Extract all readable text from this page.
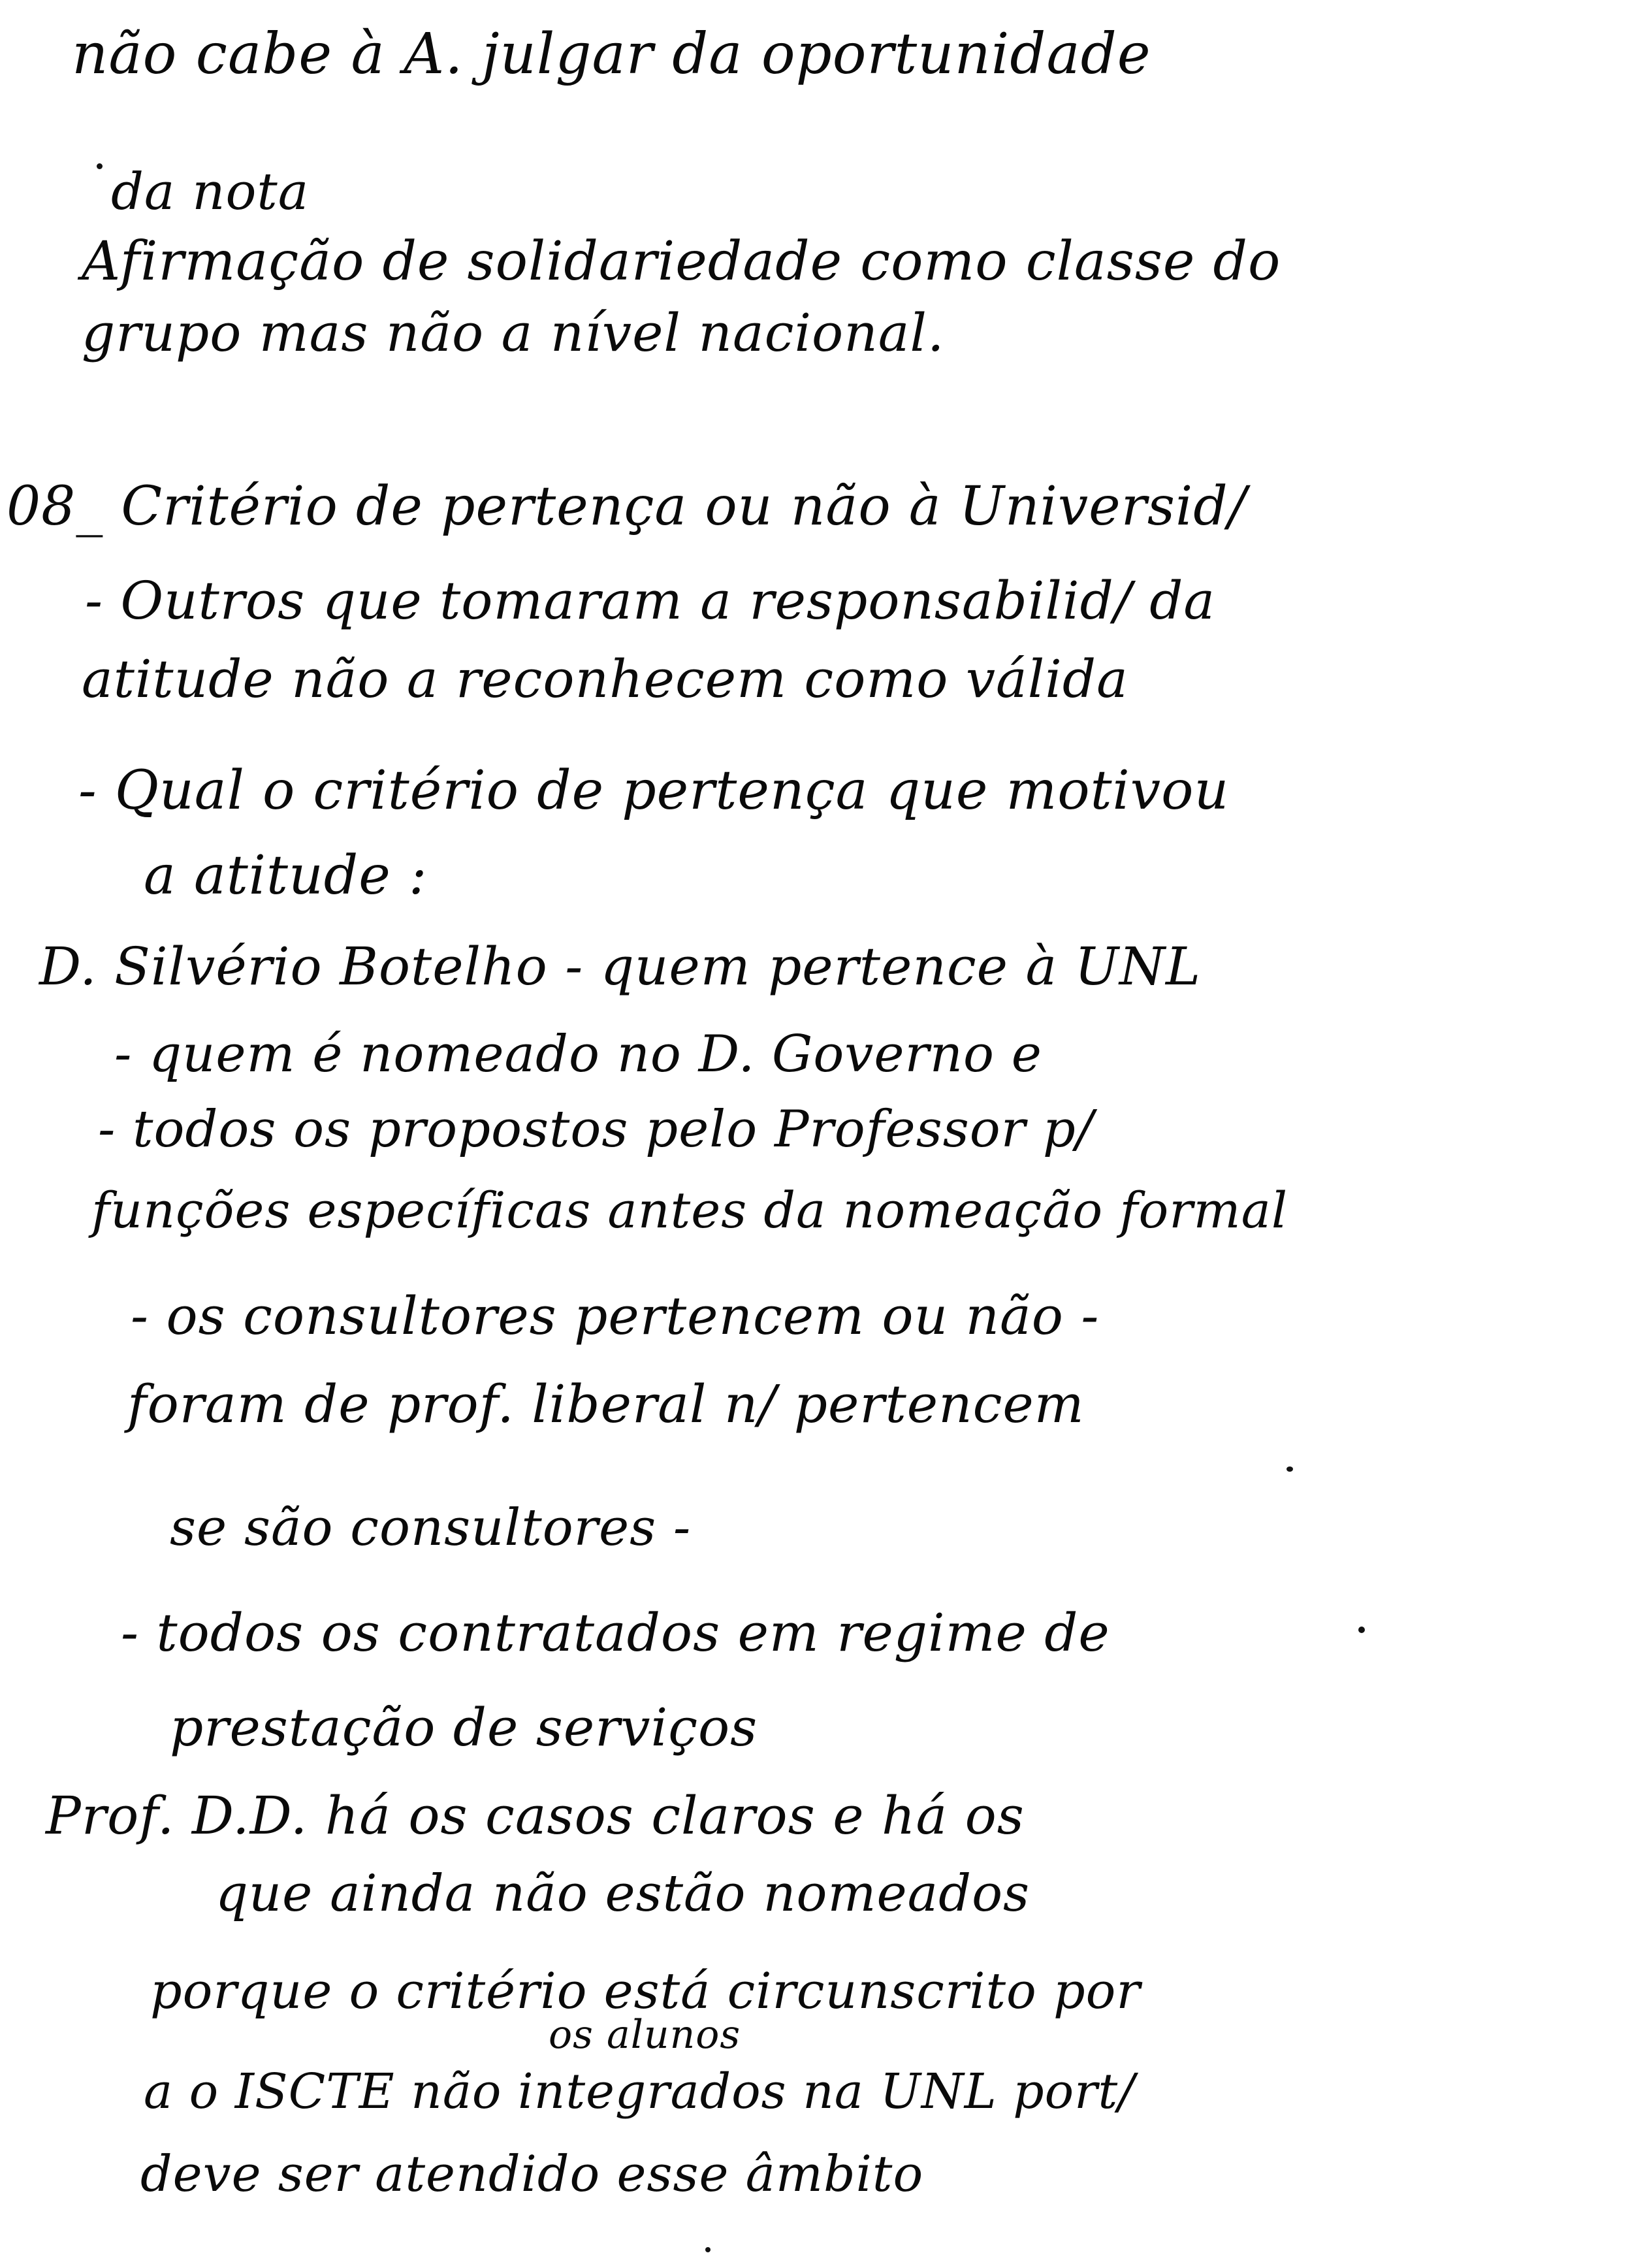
não cabe à A. julgar da oportunidade
da nota
Afirmação de solidariedade como classe do
grupo mas não a nível nacional.
08_ Critério de pertença ou não à Universid/
- Outros que tomaram a responsabilid/ da
atitude não a reconhecem como válida
- Qual o critério de pertença que motivou
a atitude :
D. Silvério Botelho - quem pertence à UNL
- quem é nomeado no D. Governo e
- todos os propostos pelo Professor p/
funções específicas antes da nomeação formal
- os consultores pertencem ou não -
foram de prof. liberal n/ pertencem
se são consultores -
- todos os contratados em regime de
prestação de serviços
Prof. D.D. há os casos claros e há os
que ainda não estão nomeados
porque o critério está circunscrito por
os alunos
a o ISCTE não integrados na UNL port/
deve ser atendido esse âmbito
